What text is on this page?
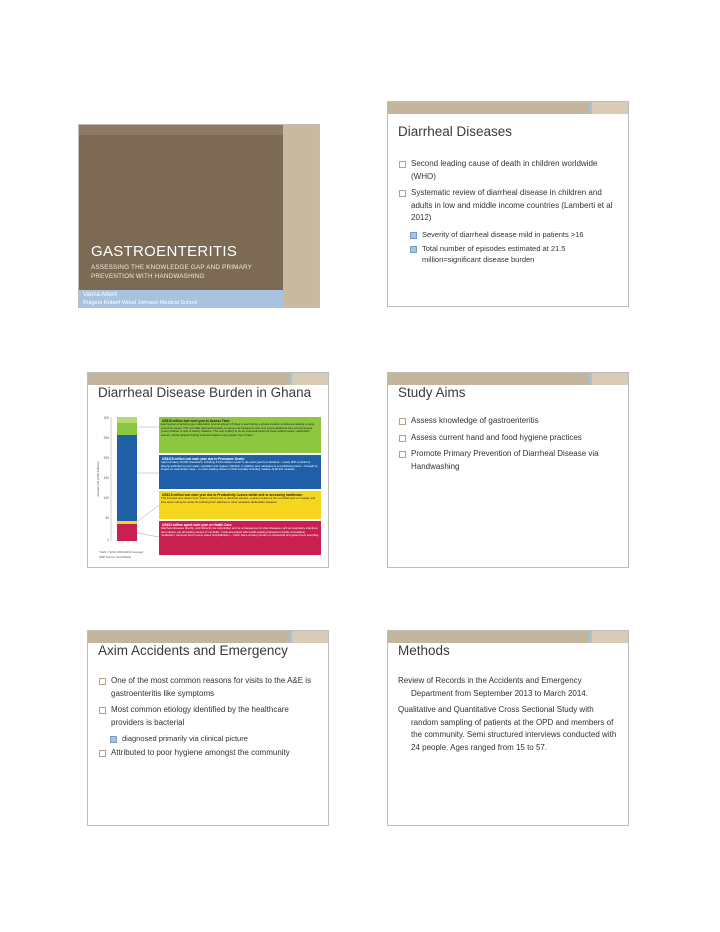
GASTROENTERITIS
ASSESSING THE KNOWLEDGE GAP AND PRIMARY PREVENTION WITH HANDWASHING
Vanna Albert
Rutgers Robert Wood Johnson Medical School
Diarrheal Diseases
Second leading cause of death in children worldwide (WHO)
Systematic review of diarrheal disease in children and adults in low and middle income countries (Lamberti et al 2012)
Severity of diarrheal disease mild in patients >16
Total number of episodes estimated at 21.5 million=significant disease burden
Diarrheal Disease Burden in Ghana
Annual cost (US$ millions)
300
250
200
150
100
50
0
US$19 million lost each year to Access Time:
US$215 million lost each year due to Premature Death:
US$3.6 million lost each year due to Productivity Losses whilst sick or accessing healthcare:
US$54 million spent each year on Health Care:
Each person practicing open defecation spends almost 2.5 days a year finding a private location to defecate leading to large economic losses. This cost falls disproportionately on women as caregivers who may spend additional time accompanying young children or sick or elderly relatives. This cost is likely to be an underestimation as those without toilets, particularly women, will be delayed finding a private location even greater risk of harm.
Approximately 19,000 Ghanaians, including 5,100 children under 5, die each year from diarrhea – nearly 90% of which is directly attributed to poor water, sanitation and hygiene (WASH). In addition poor sanitation is a contributing factor – through its impact on malnutrition rates – to other leading causes of child mortality including malaria, ALRI and measles.
This includes time absent from work or school due to diarrheal disease, seeking treatment from a health post or hospital, and time spent caring for under-5s suffering from diarrhea or other sanitation attributable diseases.
Diarrheal diseases directly, and indirectly via malnutrition and its consequence for other diseases such as respiratory infections and malaria, are all leading causes of morbidity. Costs associated with health seeking behaviour include consultation, medication, transport and in some cases hospitalization – which place a heavy burden on household and government spending.
*GHS = $US1 (2012/2013 Average)
WSP Source: World Bank
Study Aims
Assess knowledge of gastroenteritis
Assess current hand and food hygiene practices
Promote Primary Prevention of Diarrheal Disease via Handwashing
Axim Accidents and Emergency
One of the most common reasons for visits to the A&E is gastroenteritis like symptoms
Most common etiology identified by the healthcare providers is bacterial
diagnosed primarily via clinical picture
Attributed to poor hygiene amongst the community
Methods
Review of Records in the Accidents and Emergency Department from September 2013 to March 2014.
Qualitative and Quantitative Cross Sectional Study with random sampling of patients at the OPD and members of the community. Semi structured interviews conducted with 24 people. Ages ranged from 15 to 57.
